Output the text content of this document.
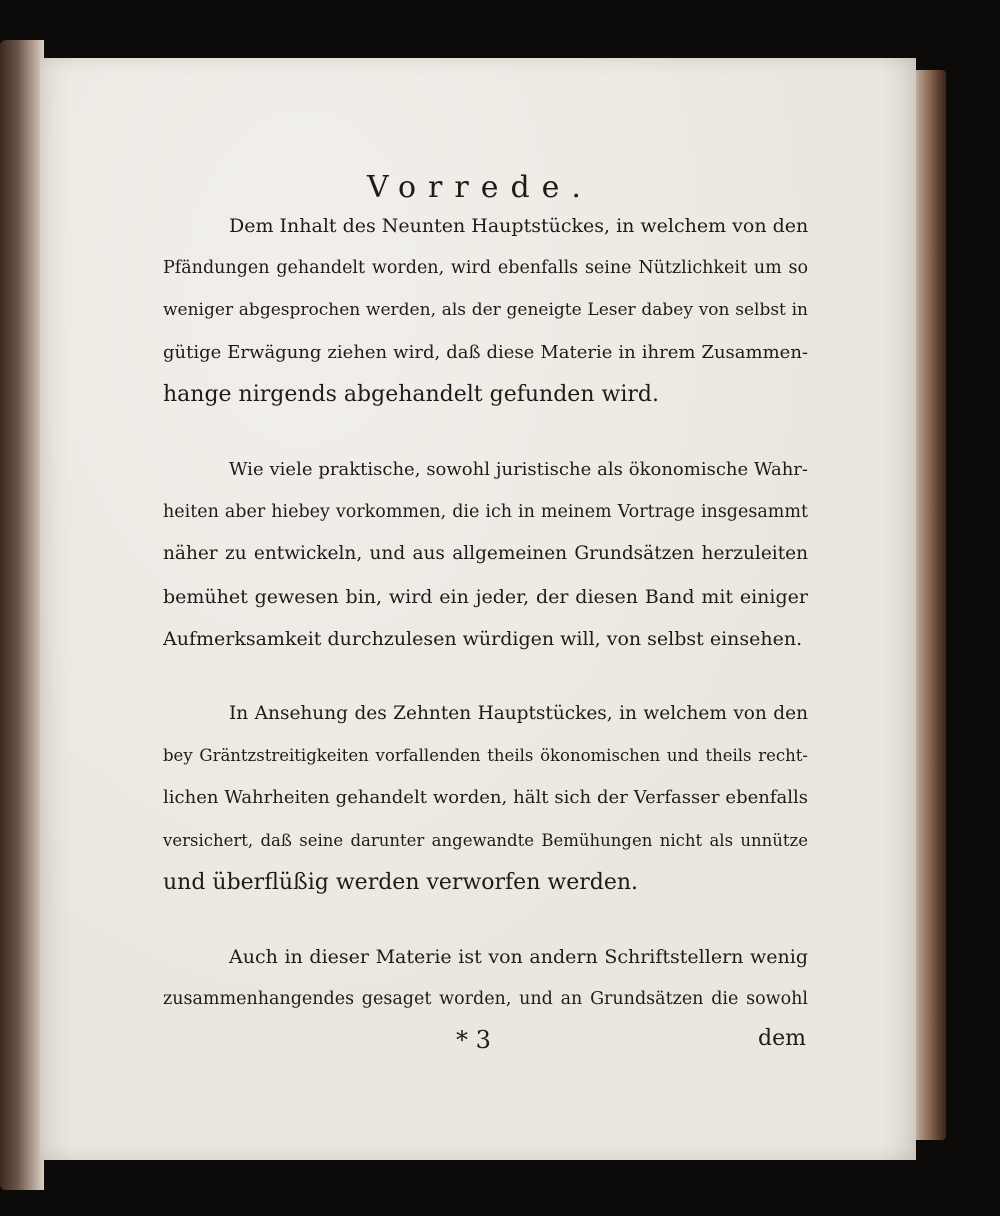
Vorrede.
Dem Inhalt des Neunten Hauptstückes, in welchem von den
Pfändungen gehandelt worden, wird ebenfalls seine Nützlichkeit um so
weniger abgesprochen werden, als der geneigte Leser dabey von selbst in
gütige Erwägung ziehen wird, daß diese Materie in ihrem Zusammen-
hange nirgends abgehandelt gefunden wird.
Wie viele praktische, sowohl juristische als ökonomische Wahr-
heiten aber hiebey vorkommen, die ich in meinem Vortrage insgesammt
näher zu entwickeln, und aus allgemeinen Grundsätzen herzuleiten
bemühet gewesen bin, wird ein jeder, der diesen Band mit einiger
Aufmerksamkeit durchzulesen würdigen will, von selbst einsehen.
In Ansehung des Zehnten Hauptstückes, in welchem von den
bey Gräntzstreitigkeiten vorfallenden theils ökonomischen und theils recht-
lichen Wahrheiten gehandelt worden, hält sich der Verfasser ebenfalls
versichert, daß seine darunter angewandte Bemühungen nicht als unnütze
und überflüßig werden verworfen werden.
Auch in dieser Materie ist von andern Schriftstellern wenig
zusammenhangendes gesaget worden, und an Grundsätzen die sowohl
* 3	dem
